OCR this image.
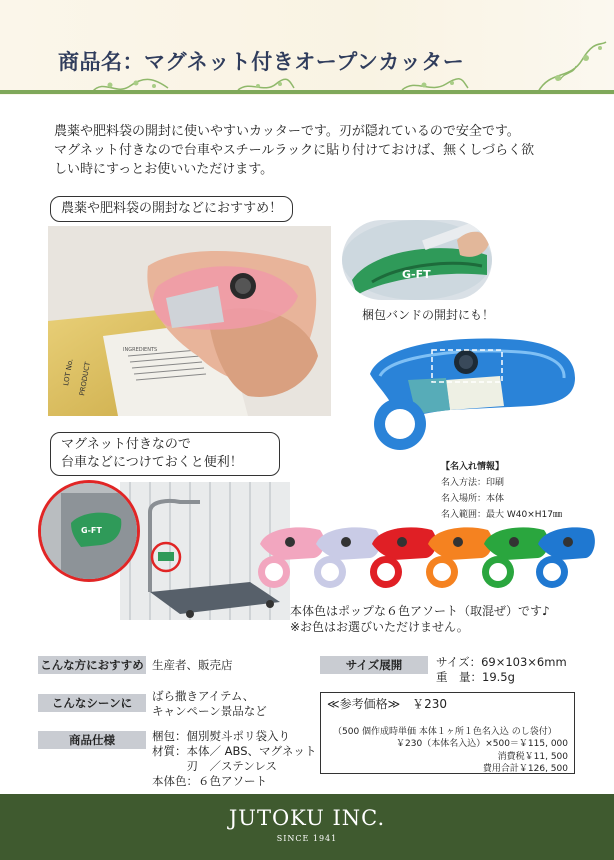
商品名：マグネット付きオープンカッター
農薬や肥料袋の開封に使いやすいカッターです。刃が隠れているので安全です。
マグネット付きなので台車やスチールラックに貼り付けておけば、無くしづらく欲
しい時にすっとお使いいただけます。
農薬や肥料袋の開封などにおすすめ！
INGREDIENTS
LOT No. PRODUCT
G-FT
梱包バンドの開封にも！
マグネット付きなので
台車などにつけておくと便利！
G-FT
【名入れ情報】
名入方法：印刷
名入場所：本体
名入範囲：最大 W40×H17㎜
本体色はポップな６色アソート（取混ぜ）です♪
※お色はお選びいただけません。
こんな方におすすめ 生産者、販売店
こんなシーンに	ばら撒きアイテム、
キャンペーン景品など
商品仕様	梱包：個別熨斗ポリ袋入り
材質：本体／ ABS、マグネット
　　　刃　／ステンレス
本体色：６色アソート
サイズ展開	サイズ：69×103×6mm
重　量：19.5g
≪参考価格≫　￥230
（500 個作成時単価 本体１ヶ所１色名入込 のし袋付）
￥230（本体名入込）×500＝￥115, 000
消費税￥11, 500
費用合計￥126, 500
JUTOKU INC.
SINCE 1941
